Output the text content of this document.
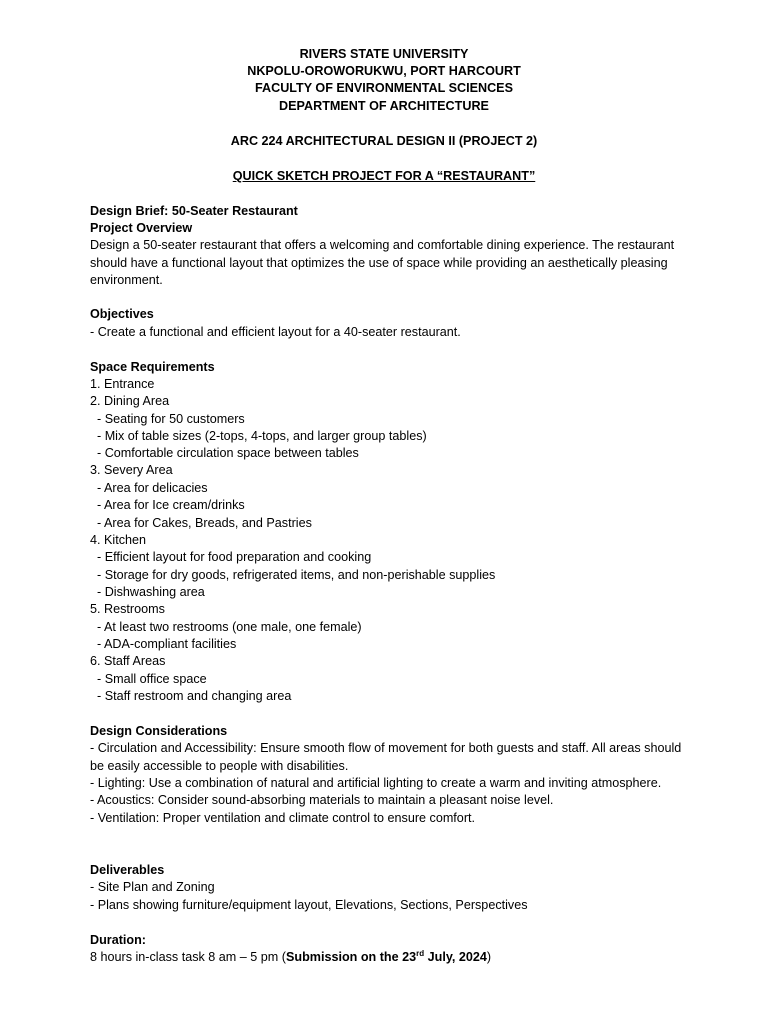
RIVERS STATE UNIVERSITY
NKPOLU-OROWORUKWU, PORT HARCOURT
FACULTY OF ENVIRONMENTAL SCIENCES
DEPARTMENT OF ARCHITECTURE
ARC 224 ARCHITECTURAL DESIGN II (PROJECT 2)
QUICK SKETCH PROJECT FOR A “RESTAURANT”
Design Brief: 50-Seater Restaurant
Project Overview
Design a 50-seater restaurant that offers a welcoming and comfortable dining experience. The restaurant
should have a functional layout that optimizes the use of space while providing an aesthetically pleasing
environment.
Objectives
- Create a functional and efficient layout for a 40-seater restaurant.
Space Requirements
1. Entrance
2. Dining Area
- Seating for 50 customers
- Mix of table sizes (2-tops, 4-tops, and larger group tables)
- Comfortable circulation space between tables
3. Severy Area
- Area for delicacies
- Area for Ice cream/drinks
- Area for Cakes, Breads, and Pastries
4. Kitchen
- Efficient layout for food preparation and cooking
- Storage for dry goods, refrigerated items, and non-perishable supplies
- Dishwashing area
5. Restrooms
- At least two restrooms (one male, one female)
- ADA-compliant facilities
6. Staff Areas
- Small office space
- Staff restroom and changing area
Design Considerations
- Circulation and Accessibility: Ensure smooth flow of movement for both guests and staff. All areas should
be easily accessible to people with disabilities.
- Lighting: Use a combination of natural and artificial lighting to create a warm and inviting atmosphere.
- Acoustics: Consider sound-absorbing materials to maintain a pleasant noise level.
- Ventilation: Proper ventilation and climate control to ensure comfort.
Deliverables
- Site Plan and Zoning
- Plans showing furniture/equipment layout, Elevations, Sections, Perspectives
Duration:
8 hours in-class task 8 am – 5 pm (Submission on the 23rd July, 2024)
